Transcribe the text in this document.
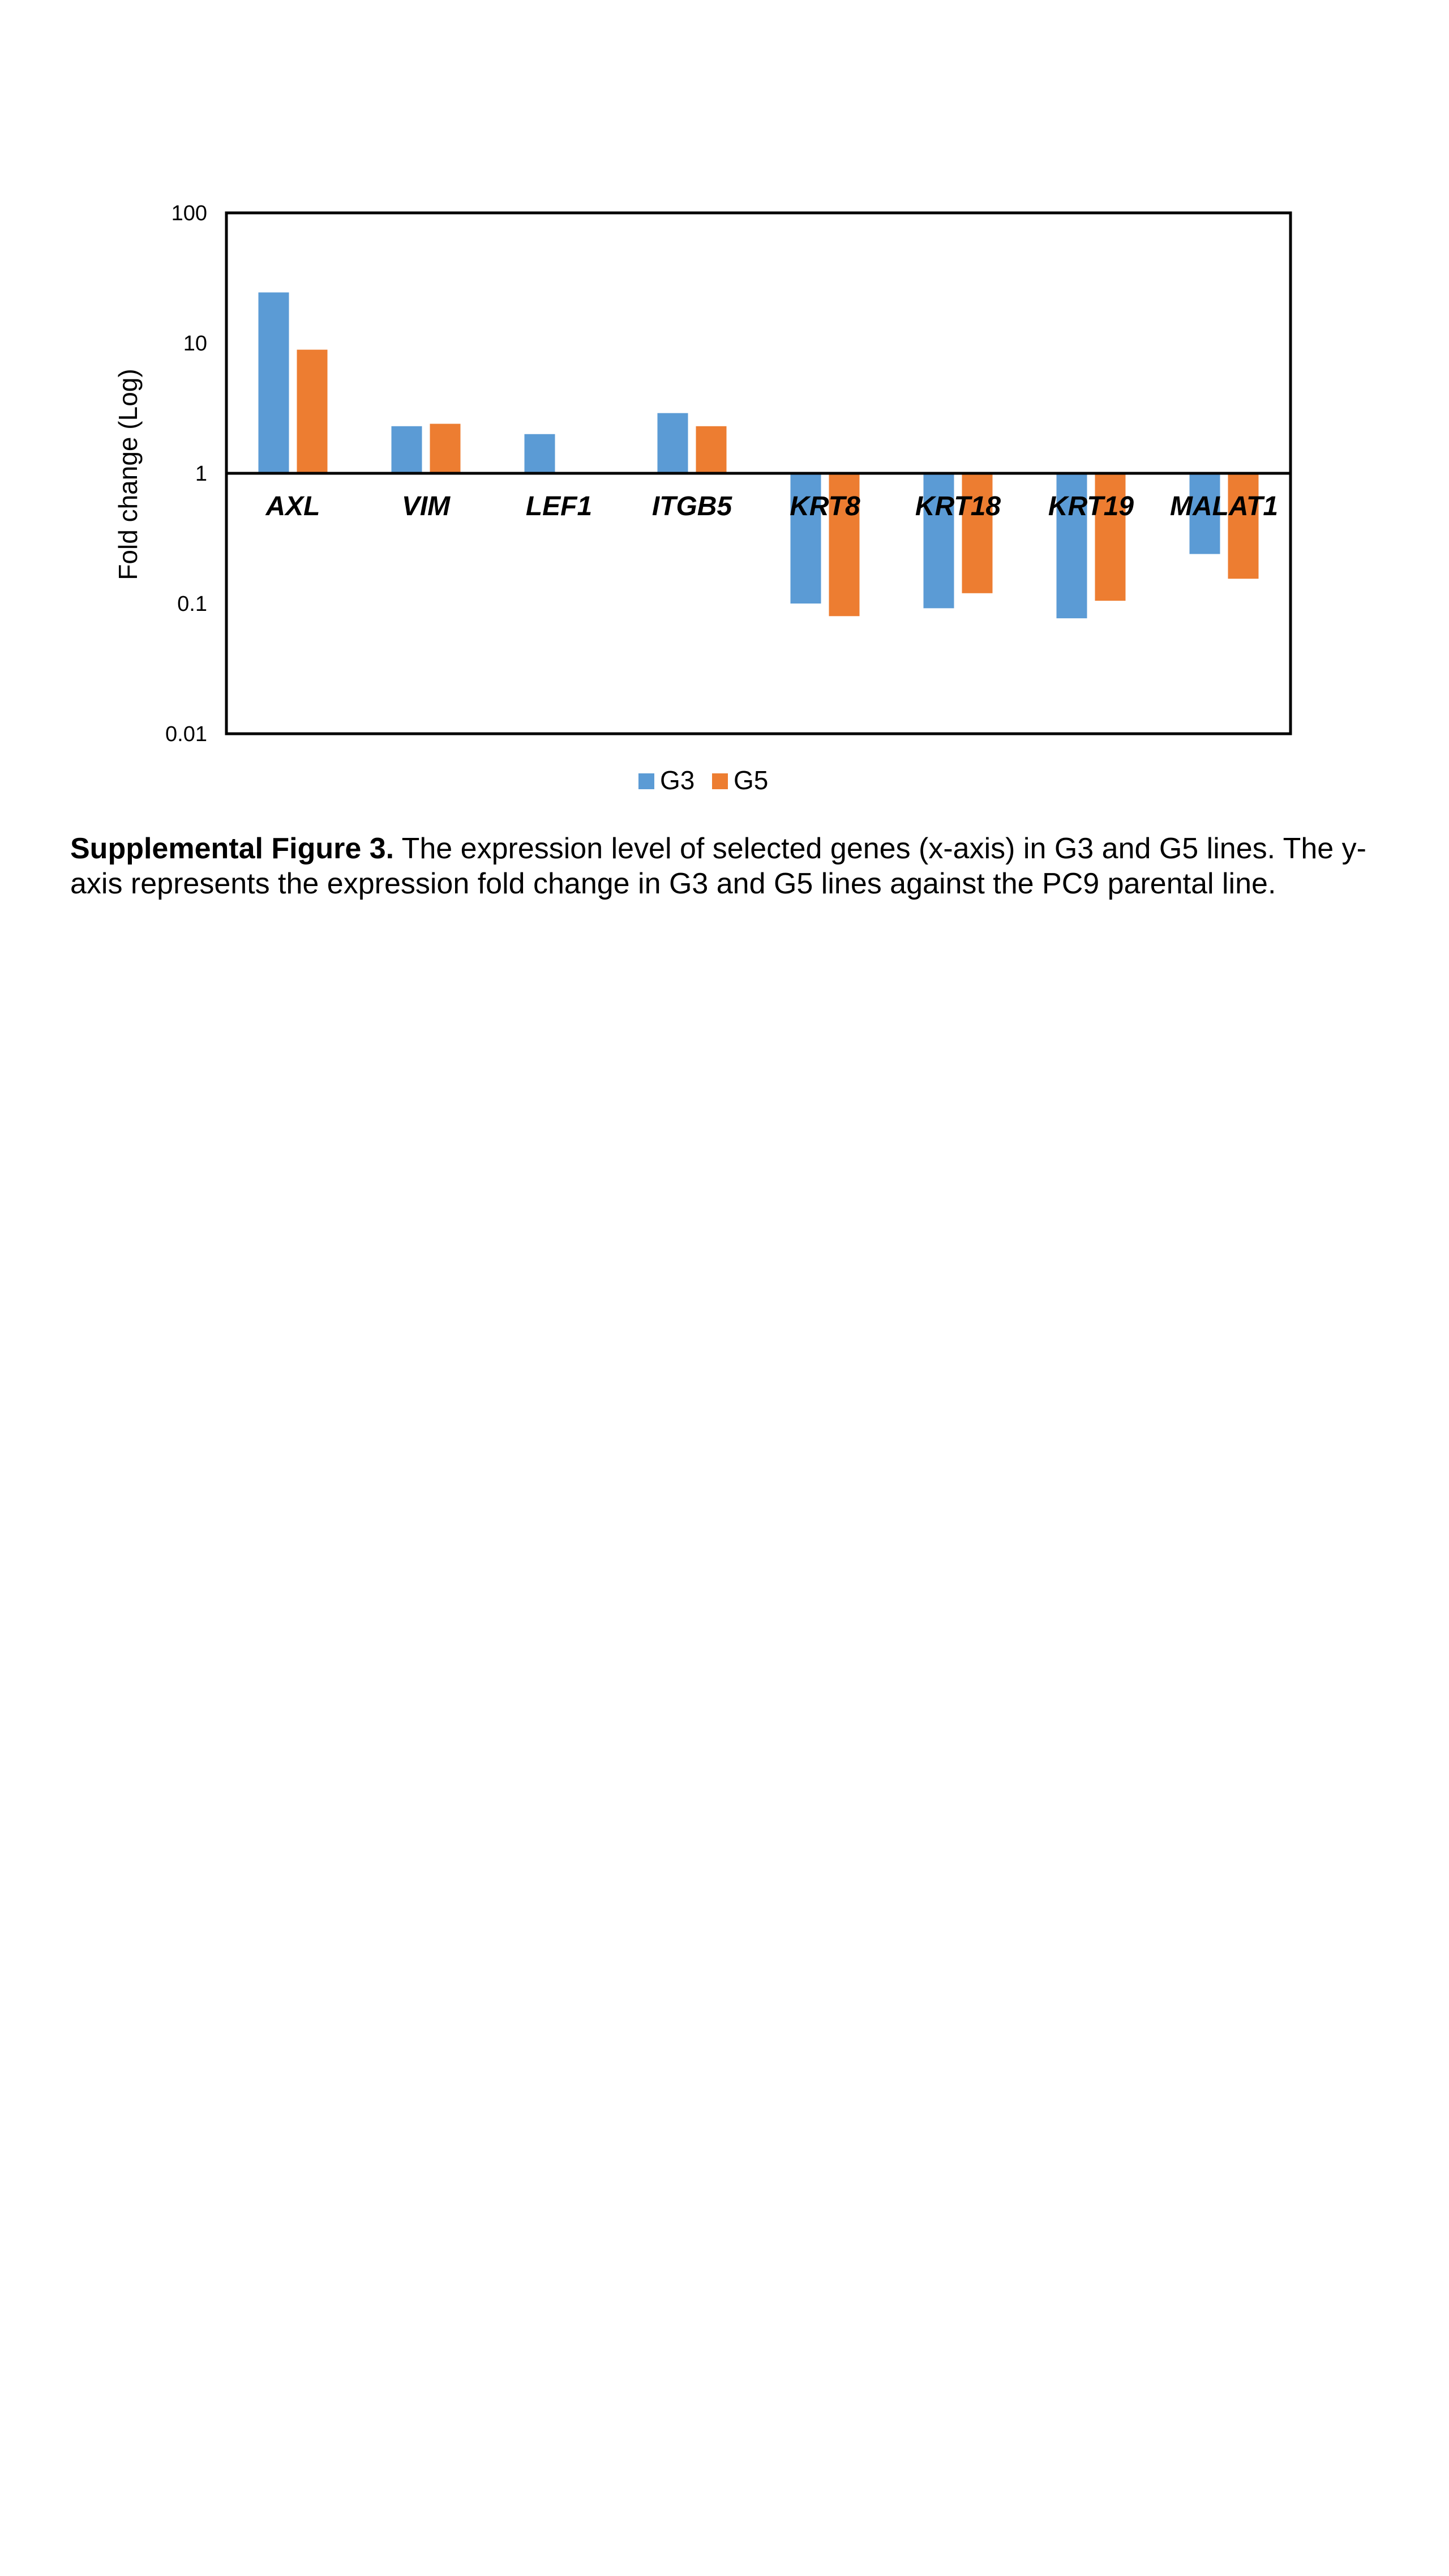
100
10
1
0.1
0.01
AXL	VIM	LEF1 ITGB5 KRT8 KRT18 KRT19 MALAT1
Fold change (Log)
G3 G5
Supplemental Figure 3. The expression level of selected genes (x-axis) in G3 and G5 lines. The y-axis represents the expression fold change in G3 and G5 lines against the PC9 parental line.
